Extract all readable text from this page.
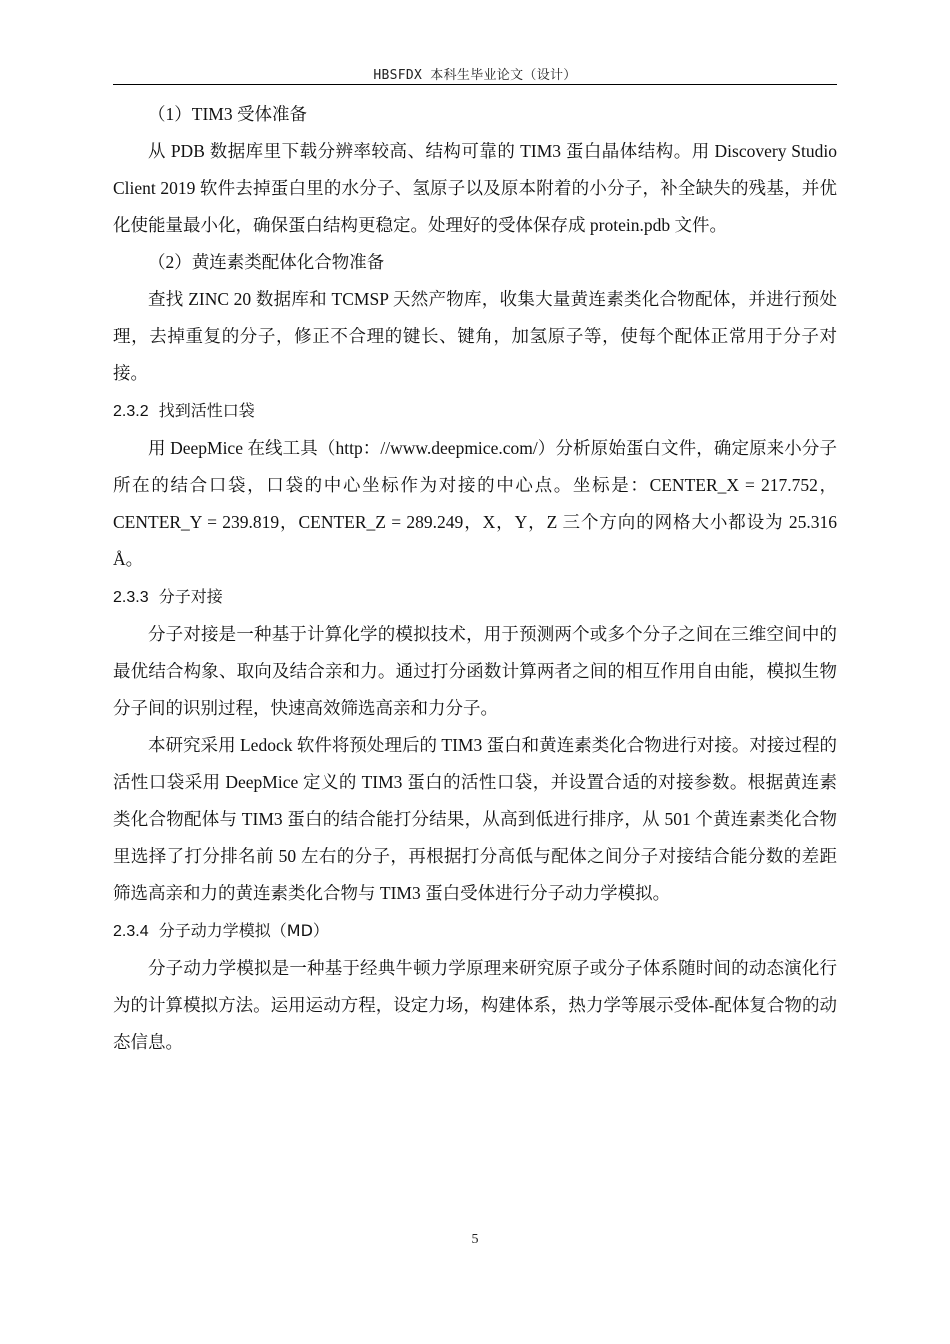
HBSFDX 本科生毕业论文（设计）

（1）TIM3 受体准备

从 PDB 数据库里下载分辨率较高、结构可靠的 TIM3 蛋白晶体结构。用 Discovery Studio Client 2019 软件去掉蛋白里的水分子、氢原子以及原本附着的小分子，补全缺失的残基，并优化使能量最小化，确保蛋白结构更稳定。处理好的受体保存成 protein.pdb 文件。

（2）黄连素类配体化合物准备

查找 ZINC 20 数据库和 TCMSP 天然产物库，收集大量黄连素类化合物配体，并进行预处理，去掉重复的分子，修正不合理的键长、键角，加氢原子等，使每个配体正常用于分子对接。

2.3.2 找到活性口袋

用 DeepMice 在线工具（http：//www.deepmice.com/）分析原始蛋白文件，确定原来小分子所在的结合口袋，口袋的中心坐标作为对接的中心点。坐标是：CENTER_X = 217.752，CENTER_Y = 239.819，CENTER_Z = 289.249，X，Y，Z 三个方向的网格大小都设为 25.316 Å。

2.3.3 分子对接

分子对接是一种基于计算化学的模拟技术，用于预测两个或多个分子之间在三维空间中的最优结合构象、取向及结合亲和力。通过打分函数计算两者之间的相互作用自由能，模拟生物分子间的识别过程，快速高效筛选高亲和力分子。

本研究采用 Ledock 软件将预处理后的 TIM3 蛋白和黄连素类化合物进行对接。对接过程的活性口袋采用 DeepMice 定义的 TIM3 蛋白的活性口袋，并设置合适的对接参数。根据黄连素类化合物配体与 TIM3 蛋白的结合能打分结果，从高到低进行排序，从 501 个黄连素类化合物里选择了打分排名前 50 左右的分子，再根据打分高低与配体之间分子对接结合能分数的差距筛选高亲和力的黄连素类化合物与 TIM3 蛋白受体进行分子动力学模拟。

2.3.4 分子动力学模拟（MD）

分子动力学模拟是一种基于经典牛顿力学原理来研究原子或分子体系随时间的动态演化行为的计算模拟方法。运用运动方程，设定力场，构建体系，热力学等展示受体-配体复合物的动态信息。

5
